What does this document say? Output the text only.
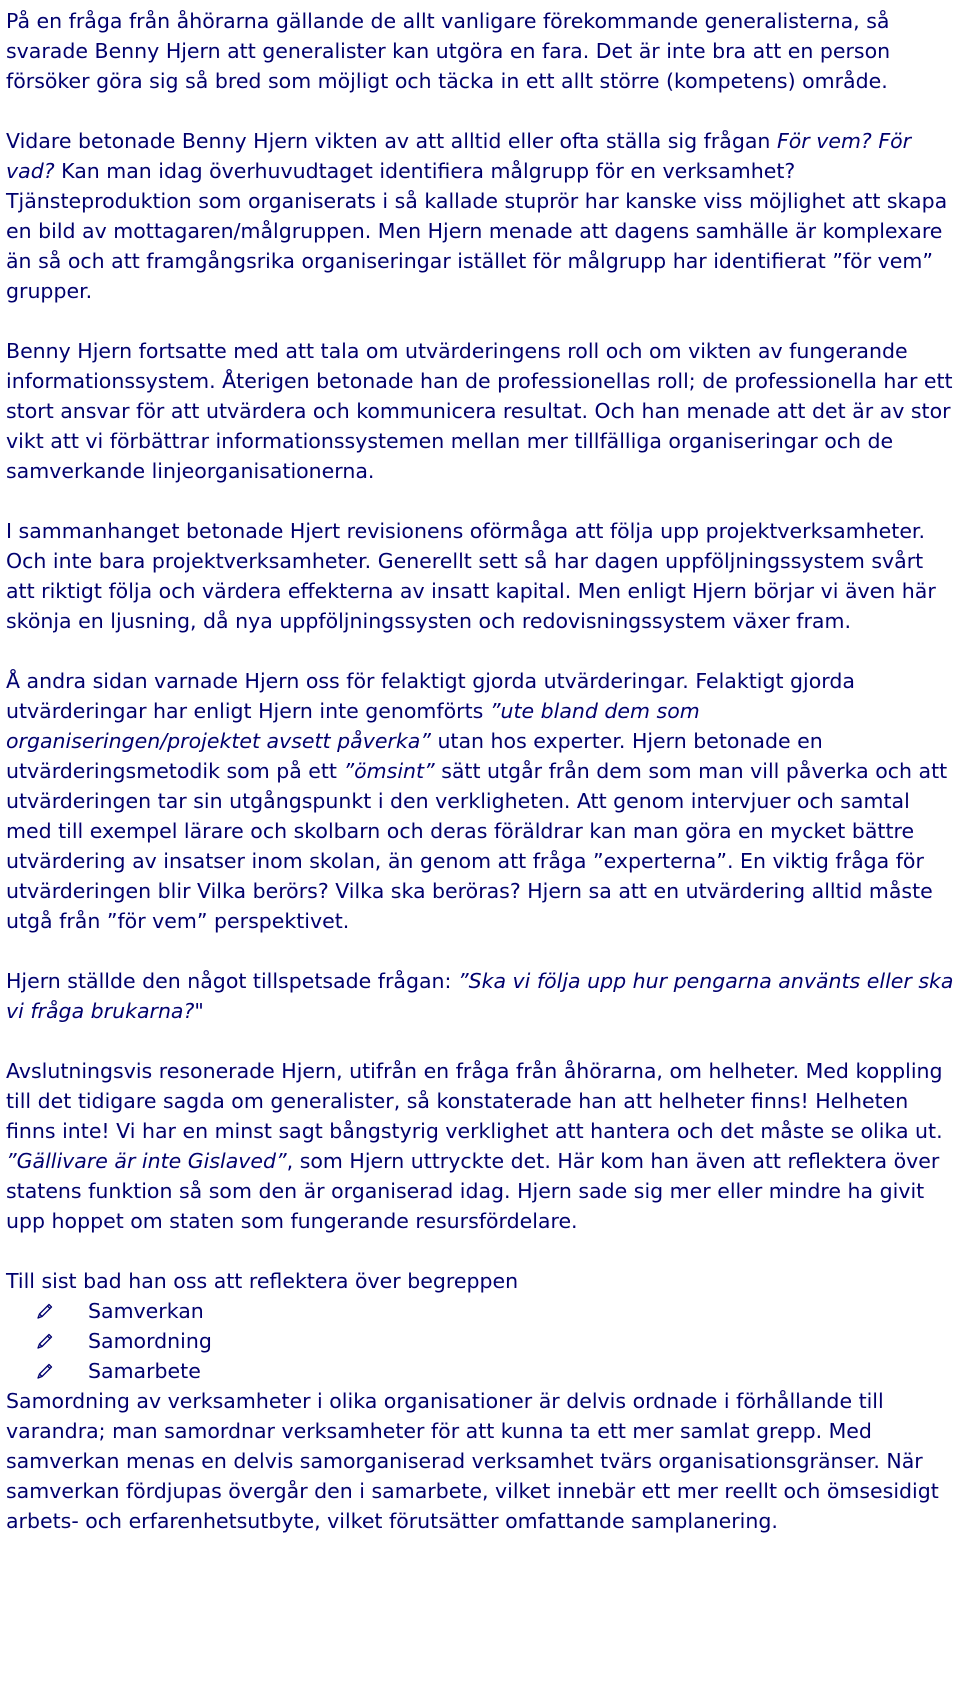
På en fråga från åhörarna gällande de allt vanligare förekommande generalisterna, så svarade Benny Hjern att generalister kan utgöra en fara. Det är inte bra att en person försöker göra sig så bred som möjligt och täcka in ett allt större (kompetens) område.

Vidare betonade Benny Hjern vikten av att alltid eller ofta ställa sig frågan För vem? För vad? Kan man idag överhuvudtaget identifiera målgrupp för en verksamhet? Tjänsteproduktion som organiserats i så kallade stuprör har kanske viss möjlighet att skapa en bild av mottagaren/målgruppen. Men Hjern menade att dagens samhälle är komplexare än så och att framgångsrika organiseringar istället för målgrupp har identifierat ”för vem” grupper.

Benny Hjern fortsatte med att tala om utvärderingens roll och om vikten av fungerande informationssystem. Återigen betonade han de professionellas roll; de professionella har ett stort ansvar för att utvärdera och kommunicera resultat. Och han menade att det är av stor vikt att vi förbättrar informationssystemen mellan mer tillfälliga organiseringar och de samverkande linjeorganisationerna.

I sammanhanget betonade Hjert revisionens oförmåga att följa upp projektverksamheter. Och inte bara projektverksamheter. Generellt sett så har dagen uppföljningssystem svårt att riktigt följa och värdera effekterna av insatt kapital. Men enligt Hjern börjar vi även här skönja en ljusning, då nya uppföljningssysten och redovisningssystem växer fram.

Å andra sidan varnade Hjern oss för felaktigt gjorda utvärderingar. Felaktigt gjorda utvärderingar har enligt Hjern inte genomförts ”ute bland dem som organiseringen/projektet avsett påverka” utan hos experter. Hjern betonade en utvärderingsmetodik som på ett ”ömsint” sätt utgår från dem som man vill påverka och att utvärderingen tar sin utgångspunkt i den verkligheten. Att genom intervjuer och samtal med till exempel lärare och skolbarn och deras föräldrar kan man göra en mycket bättre utvärdering av insatser inom skolan, än genom att fråga ”experterna”. En viktig fråga för utvärderingen blir Vilka berörs? Vilka ska beröras? Hjern sa att en utvärdering alltid måste utgå från ”för vem” perspektivet.

Hjern ställde den något tillspetsade frågan: ”Ska vi följa upp hur pengarna använts eller ska vi fråga brukarna?"

Avslutningsvis resonerade Hjern, utifrån en fråga från åhörarna, om helheter. Med koppling till det tidigare sagda om generalister, så konstaterade han att helheter finns! Helheten finns inte! Vi har en minst sagt bångstyrig verklighet att hantera och det måste se olika ut. ”Gällivare är inte Gislaved”, som Hjern uttryckte det. Här kom han även att reflektera över statens funktion så som den är organiserad idag. Hjern sade sig mer eller mindre ha givit upp hoppet om staten som fungerande resursfördelare.

Till sist bad han oss att reflektera över begreppen

Samverkan
Samordning
Samarbete

Samordning av verksamheter i olika organisationer är delvis ordnade i förhållande till varandra; man samordnar verksamheter för att kunna ta ett mer samlat grepp. Med samverkan menas en delvis samorganiserad verksamhet tvärs organisationsgränser. När samverkan fördjupas övergår den i samarbete, vilket innebär ett mer reellt och ömsesidigt arbets- och erfarenhetsutbyte, vilket förutsätter omfattande samplanering.
